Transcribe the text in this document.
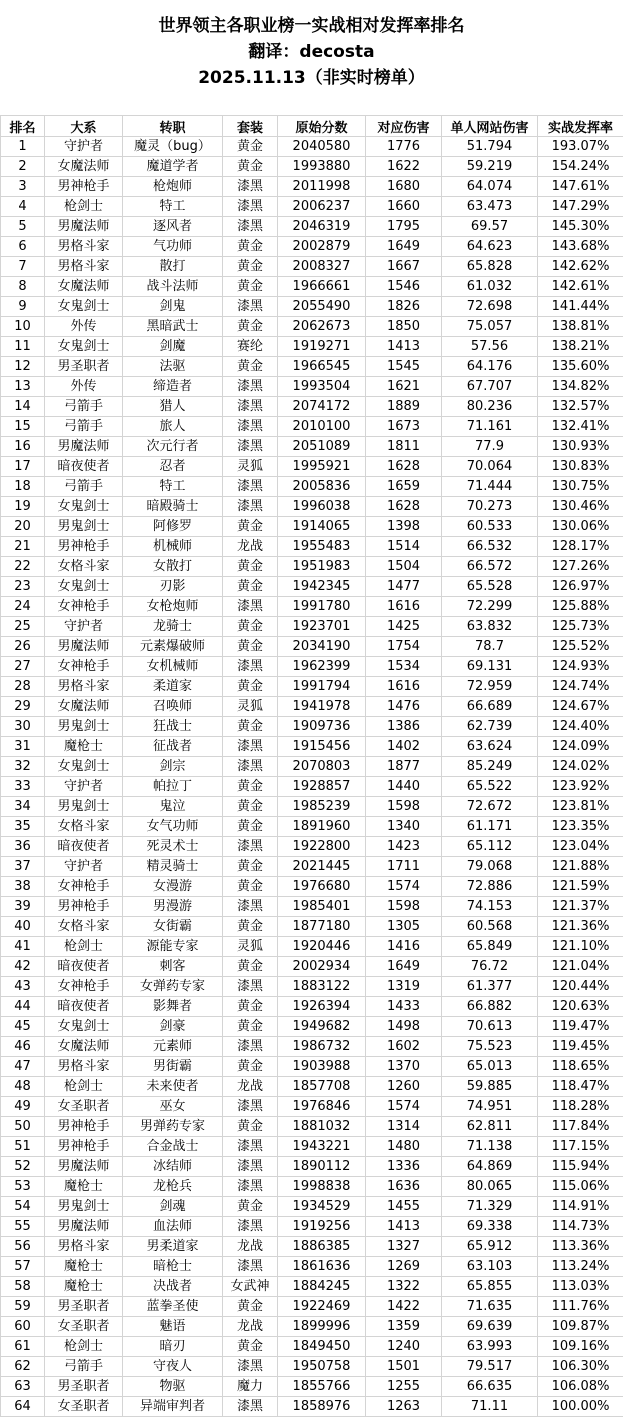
世界领主各职业榜一实战相对发挥率排名
翻译：decosta
2025.11.13（非实时榜单）
排名	大系	转职	套装	原始分数	对应伤害	单人网站伤害	实战发挥率
1	守护者	魔灵（bug）	黄金	2040580	1776	51.794	193.07%
2	女魔法师	魔道学者	黄金	1993880	1622	59.219	154.24%
3	男神枪手	枪炮师	漆黑	2011998	1680	64.074	147.61%
4	枪剑士	特工	漆黑	2006237	1660	63.473	147.29%
5	男魔法师	逐风者	漆黑	2046319	1795	69.57	145.30%
6	男格斗家	气功师	黄金	2002879	1649	64.623	143.68%
7	男格斗家	散打	黄金	2008327	1667	65.828	142.62%
8	女魔法师	战斗法师	黄金	1966661	1546	61.032	142.61%
9	女鬼剑士	剑鬼	漆黑	2055490	1826	72.698	141.44%
10	外传	黑暗武士	黄金	2062673	1850	75.057	138.81%
11	女鬼剑士	剑魔	赛纶	1919271	1413	57.56	138.21%
12	男圣职者	法驱	黄金	1966545	1545	64.176	135.60%
13	外传	缔造者	漆黑	1993504	1621	67.707	134.82%
14	弓箭手	猎人	漆黑	2074172	1889	80.236	132.57%
15	弓箭手	旅人	漆黑	2010100	1673	71.161	132.41%
16	男魔法师	次元行者	漆黑	2051089	1811	77.9	130.93%
17	暗夜使者	忍者	灵狐	1995921	1628	70.064	130.83%
18	弓箭手	特工	漆黑	2005836	1659	71.444	130.75%
19	女鬼剑士	暗殿骑士	漆黑	1996038	1628	70.273	130.46%
20	男鬼剑士	阿修罗	黄金	1914065	1398	60.533	130.06%
21	男神枪手	机械师	龙战	1955483	1514	66.532	128.17%
22	女格斗家	女散打	黄金	1951983	1504	66.572	127.26%
23	女鬼剑士	刃影	黄金	1942345	1477	65.528	126.97%
24	女神枪手	女枪炮师	漆黑	1991780	1616	72.299	125.88%
25	守护者	龙骑士	黄金	1923701	1425	63.832	125.73%
26	男魔法师	元素爆破师	黄金	2034190	1754	78.7	125.52%
27	女神枪手	女机械师	漆黑	1962399	1534	69.131	124.93%
28	男格斗家	柔道家	黄金	1991794	1616	72.959	124.74%
29	女魔法师	召唤师	灵狐	1941978	1476	66.689	124.67%
30	男鬼剑士	狂战士	黄金	1909736	1386	62.739	124.40%
31	魔枪士	征战者	漆黑	1915456	1402	63.624	124.09%
32	女鬼剑士	剑宗	漆黑	2070803	1877	85.249	124.02%
33	守护者	帕拉丁	黄金	1928857	1440	65.522	123.92%
34	男鬼剑士	鬼泣	黄金	1985239	1598	72.672	123.81%
35	女格斗家	女气功师	黄金	1891960	1340	61.171	123.35%
36	暗夜使者	死灵术士	漆黑	1922800	1423	65.112	123.04%
37	守护者	精灵骑士	黄金	2021445	1711	79.068	121.88%
38	女神枪手	女漫游	黄金	1976680	1574	72.886	121.59%
39	男神枪手	男漫游	漆黑	1985401	1598	74.153	121.37%
40	女格斗家	女街霸	黄金	1877180	1305	60.568	121.36%
41	枪剑士	源能专家	灵狐	1920446	1416	65.849	121.10%
42	暗夜使者	刺客	黄金	2002934	1649	76.72	121.04%
43	女神枪手	女弹药专家	漆黑	1883122	1319	61.377	120.44%
44	暗夜使者	影舞者	黄金	1926394	1433	66.882	120.63%
45	女鬼剑士	剑豪	黄金	1949682	1498	70.613	119.47%
46	女魔法师	元素师	漆黑	1986732	1602	75.523	119.45%
47	男格斗家	男街霸	黄金	1903988	1370	65.013	118.65%
48	枪剑士	未来使者	龙战	1857708	1260	59.885	118.47%
49	女圣职者	巫女	漆黑	1976846	1574	74.951	118.28%
50	男神枪手	男弹药专家	黄金	1881032	1314	62.811	117.84%
51	男神枪手	合金战士	漆黑	1943221	1480	71.138	117.15%
52	男魔法师	冰结师	漆黑	1890112	1336	64.869	115.94%
53	魔枪士	龙枪兵	漆黑	1998838	1636	80.065	115.06%
54	男鬼剑士	剑魂	黄金	1934529	1455	71.329	114.91%
55	男魔法师	血法师	漆黑	1919256	1413	69.338	114.73%
56	男格斗家	男柔道家	龙战	1886385	1327	65.912	113.36%
57	魔枪士	暗枪士	漆黑	1861636	1269	63.103	113.24%
58	魔枪士	决战者	女武神	1884245	1322	65.855	113.03%
59	男圣职者	蓝拳圣使	黄金	1922469	1422	71.635	111.76%
60	女圣职者	魅语	龙战	1899996	1359	69.639	109.87%
61	枪剑士	暗刃	黄金	1849450	1240	63.993	109.16%
62	弓箭手	守夜人	漆黑	1950758	1501	79.517	106.30%
63	男圣职者	物驱	魔力	1855766	1255	66.635	106.08%
64	女圣职者	异端审判者	漆黑	1858976	1263	71.11	100.00%
